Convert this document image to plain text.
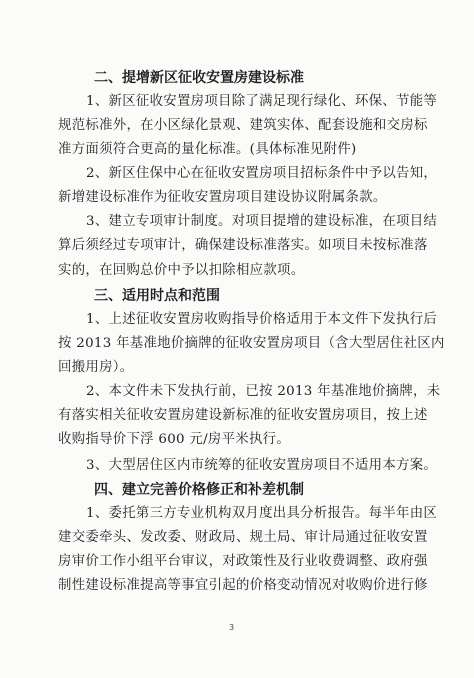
二、提增新区征收安置房建设标准
1、新区征收安置房项目除了满足现行绿化、环保、节能等
规范标准外，在小区绿化景观、建筑实体、配套设施和交房标
准方面须符合更高的量化标准。(具体标准见附件)
2、新区住保中心在征收安置房项目招标条件中予以告知，
新增建设标准作为征收安置房项目建设协议附属条款。
3、建立专项审计制度。对项目提增的建设标准，在项目结
算后须经过专项审计，确保建设标准落实。如项目未按标准落
实的，在回购总价中予以扣除相应款项。
三、适用时点和范围
1、上述征收安置房收购指导价格适用于本文件下发执行后
按 2013 年基准地价摘牌的征收安置房项目（含大型居住社区内
回搬用房）。
2、本文件未下发执行前，已按 2013 年基准地价摘牌，未
有落实相关征收安置房建设新标准的征收安置房项目，按上述
收购指导价下浮 600 元/房平米执行。
3、大型居住区内市统筹的征收安置房项目不适用本方案。
四、建立完善价格修正和补差机制
1、委托第三方专业机构双月度出具分析报告。每半年由区
建交委牵头、发改委、财政局、规土局、审计局通过征收安置
房审价工作小组平台审议，对政策性及行业收费调整、政府强
制性建设标准提高等事宜引起的价格变动情况对收购价进行修
3
